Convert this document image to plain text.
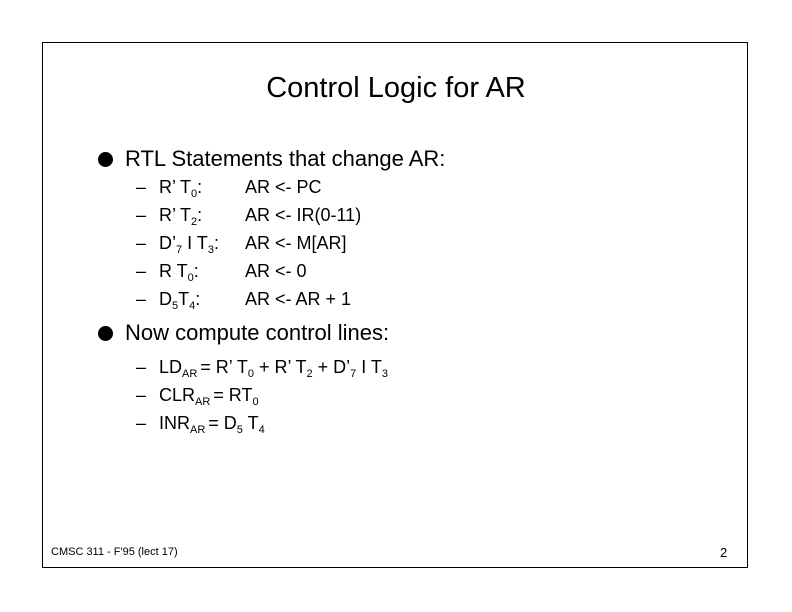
Control Logic for AR
RTL Statements that change AR:
– R’ $T_0$:	AR <- PC
– R’ $T_2$:	AR <- IR(0-11)
– $D’_7$ I $T_3$:	AR <- M[AR]
– R $T_0$:	AR <- 0
– $D_5T_4$:	AR <- AR + 1
Now compute control lines:
– $LD_{AR} = R$’ $T_0 + R$’ $T_2$ + $D’_7$ I $T_3$
– $CLR_{AR} = RT_0$
– $INR_{AR} = D_5$ $T_4$
CMSC 311 - F'95 (lect 17)	2
